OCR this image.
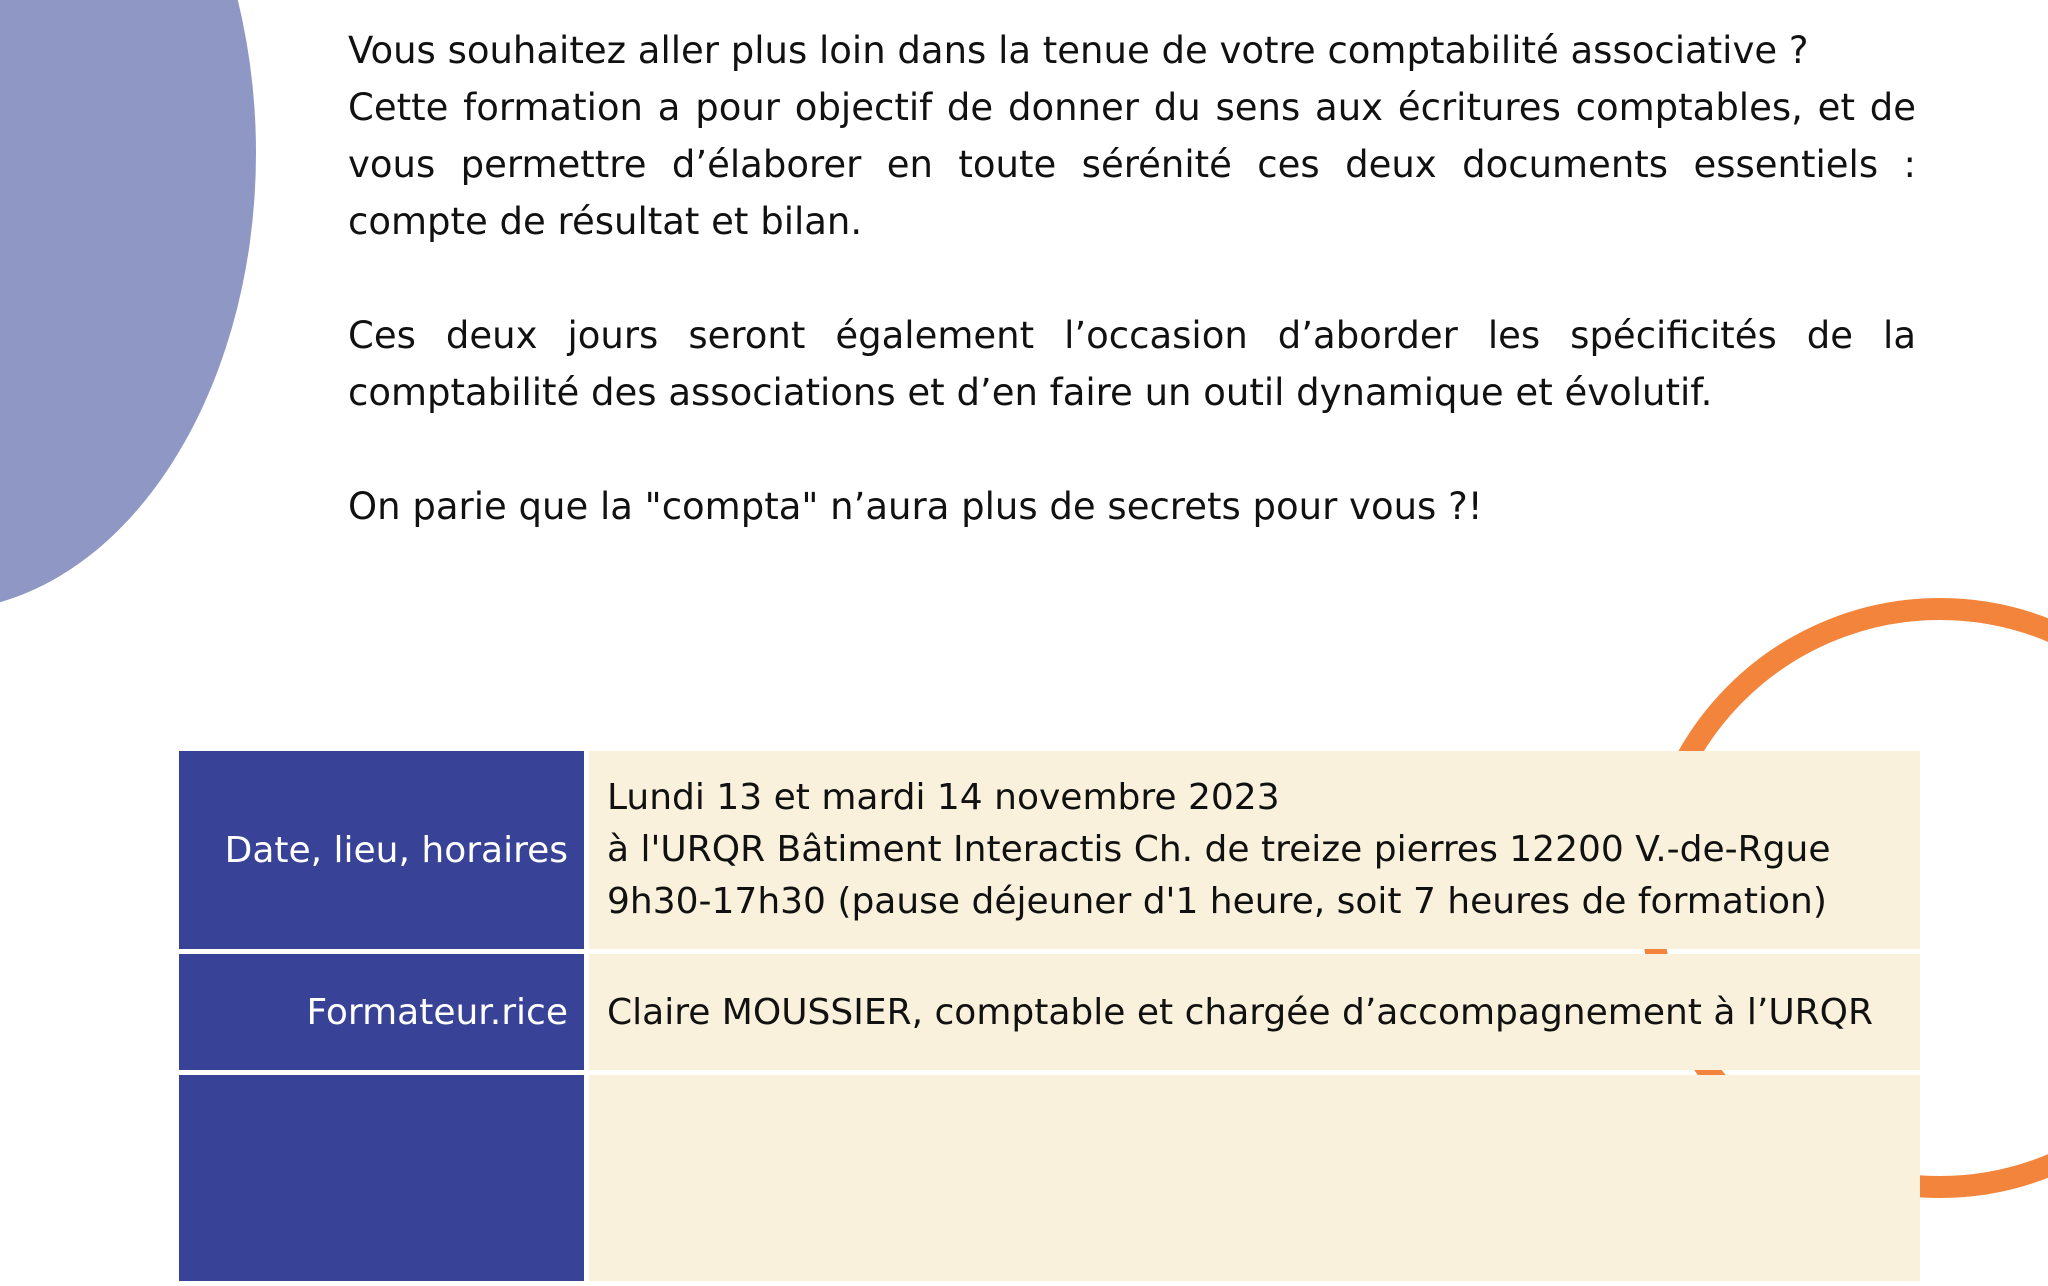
Vous souhaitez aller plus loin dans la tenue de votre comptabilité associative ?

Cette formation a pour objectif de donner du sens aux écritures comptables, et de vous permettre d’élaborer en toute sérénité ces deux documents essentiels : compte de résultat et bilan.

Ces deux jours seront également l’occasion d’aborder les spécificités de la comptabilité des associations et d’en faire un outil dynamique et évolutif.

On parie que la "compta" n’aura plus de secrets pour vous ?!

Date, lieu, horaires	Lundi 13 et mardi 14 novembre 2023
à l'URQR Bâtiment Interactis Ch. de treize pierres 12200 V.-de-Rgue
9h30-17h30 (pause déjeuner d'1 heure, soit 7 heures de formation)

Formateur.rice	Claire MOUSSIER, comptable et chargée d’accompagnement à l’URQR
